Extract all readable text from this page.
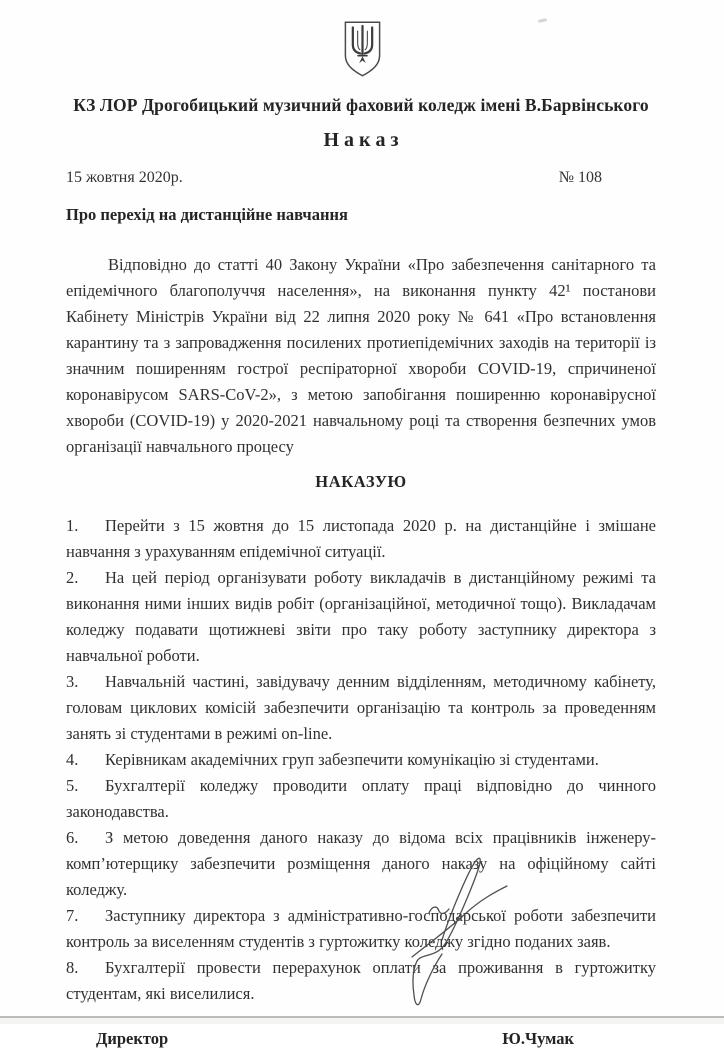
КЗ ЛОР Дрогобицький музичний фаховий коледж імені В.Барвінського
Н а к а з
15 жовтня 2020р.	№ 108

Про перехід на дистанційне навчання

Відповідно до статті 40 Закону України «Про забезпечення санітарного та епідемічного благополуччя населення», на виконання пункту 42¹ постанови Кабінету Міністрів України від 22 липня 2020 року № 641 «Про встановлення карантину та з запровадження посилених протиепідемічних заходів на території із значним поширенням гострої респіраторної хвороби COVID-19, спричиненої коронавірусом SARS-CoV-2», з метою запобігання поширенню коронавірусної хвороби (COVID-19) у 2020-2021 навчальному році та створення безпечних умов організації навчального процесу

НАКАЗУЮ

1. Перейти з 15 жовтня до 15 листопада 2020 р. на дистанційне і змішане навчання з урахуванням епідемічної ситуації.

2. На цей період організувати роботу викладачів в дистанційному режимі та виконання ними інших видів робіт (організаційної, методичної тощо). Викладачам коледжу подавати щотижневі звіти про таку роботу заступнику директора з навчальної роботи.

3. Навчальній частині, завідувачу денним відділенням, методичному кабінету, головам циклових комісій забезпечити організацію та контроль за проведенням занять зі студентами в режимі on-line.

4. Керівникам академічних груп забезпечити комунікацію зі студентами.

5. Бухгалтерії коледжу проводити оплату праці відповідно до чинного законодавства.

6. З метою доведення даного наказу до відома всіх працівників інженеру-комп’ютерщику забезпечити розміщення даного наказу на офіційному сайті коледжу.

7. Заступнику директора з адміністративно-господарської роботи забезпечити контроль за виселенням студентів з гуртожитку коледжу згідно поданих заяв.

8. Бухгалтерії провести перерахунок оплати за проживання в гуртожитку студентам, які виселилися.

Директор	Ю.Чумак
